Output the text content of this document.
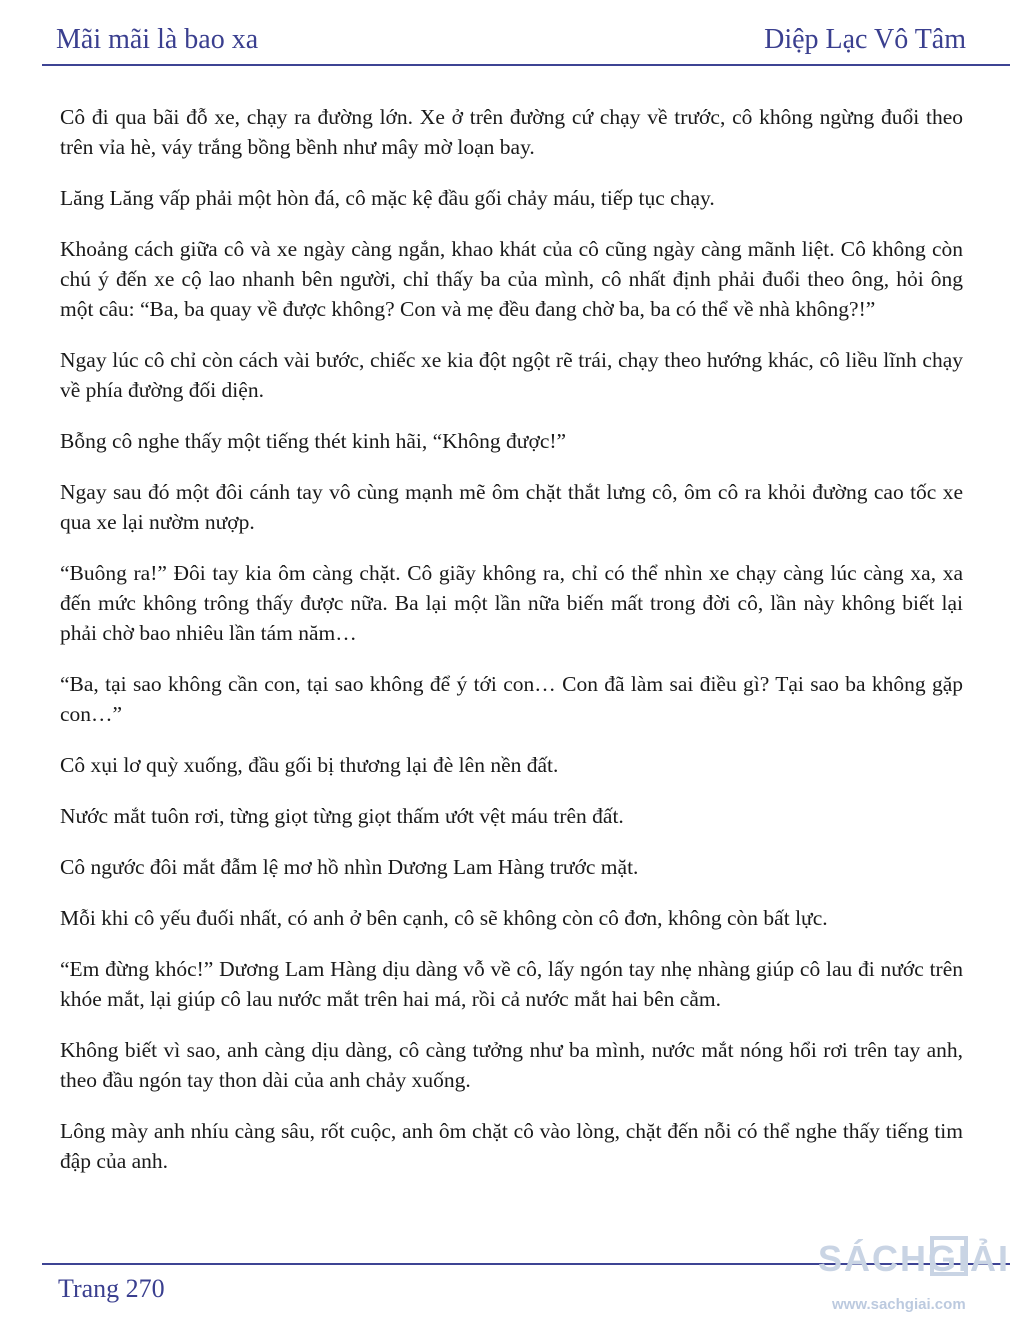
Mãi mãi là bao xa	Diệp Lạc Vô Tâm

Cô đi qua bãi đỗ xe, chạy ra đường lớn. Xe ở trên đường cứ chạy về trước, cô không ngừng đuổi theo trên vỉa hè, váy trắng bồng bềnh như mây mờ loạn bay.

Lăng Lăng vấp phải một hòn đá, cô mặc kệ đầu gối chảy máu, tiếp tục chạy.

Khoảng cách giữa cô và xe ngày càng ngắn, khao khát của cô cũng ngày càng mãnh liệt. Cô không còn chú ý đến xe cộ lao nhanh bên người, chỉ thấy ba của mình, cô nhất định phải đuổi theo ông, hỏi ông một câu: “Ba, ba quay về được không? Con và mẹ đều đang chờ ba, ba có thể về nhà không?!”

Ngay lúc cô chỉ còn cách vài bước, chiếc xe kia đột ngột rẽ trái, chạy theo hướng khác, cô liều lĩnh chạy về phía đường đối diện.

Bỗng cô nghe thấy một tiếng thét kinh hãi, “Không được!”

Ngay sau đó một đôi cánh tay vô cùng mạnh mẽ ôm chặt thắt lưng cô, ôm cô ra khỏi đường cao tốc xe qua xe lại nườm nượp.

“Buông ra!” Đôi tay kia ôm càng chặt. Cô giãy không ra, chỉ có thể nhìn xe chạy càng lúc càng xa, xa đến mức không trông thấy được nữa. Ba lại một lần nữa biến mất trong đời cô, lần này không biết lại phải chờ bao nhiêu lần tám năm…

“Ba, tại sao không cần con, tại sao không để ý tới con… Con đã làm sai điều gì? Tại sao ba không gặp con…”

Cô xụi lơ quỳ xuống, đầu gối bị thương lại đè lên nền đất.

Nước mắt tuôn rơi, từng giọt từng giọt thấm ướt vệt máu trên đất.

Cô ngước đôi mắt đẫm lệ mơ hồ nhìn Dương Lam Hàng trước mặt.

Mỗi khi cô yếu đuối nhất, có anh ở bên cạnh, cô sẽ không còn cô đơn, không còn bất lực.

“Em đừng khóc!” Dương Lam Hàng dịu dàng vỗ về cô, lấy ngón tay nhẹ nhàng giúp cô lau đi nước trên khóe mắt, lại giúp cô lau nước mắt trên hai má, rồi cả nước mắt hai bên cằm.

Không biết vì sao, anh càng dịu dàng, cô càng tưởng như ba mình, nước mắt nóng hổi rơi trên tay anh, theo đầu ngón tay thon dài của anh chảy xuống.

Lông mày anh nhíu càng sâu, rốt cuộc, anh ôm chặt cô vào lòng, chặt đến nỗi có thể nghe thấy tiếng tim đập của anh.

Trang 270
SÁCHGIẢI
www.sachgiai.com
